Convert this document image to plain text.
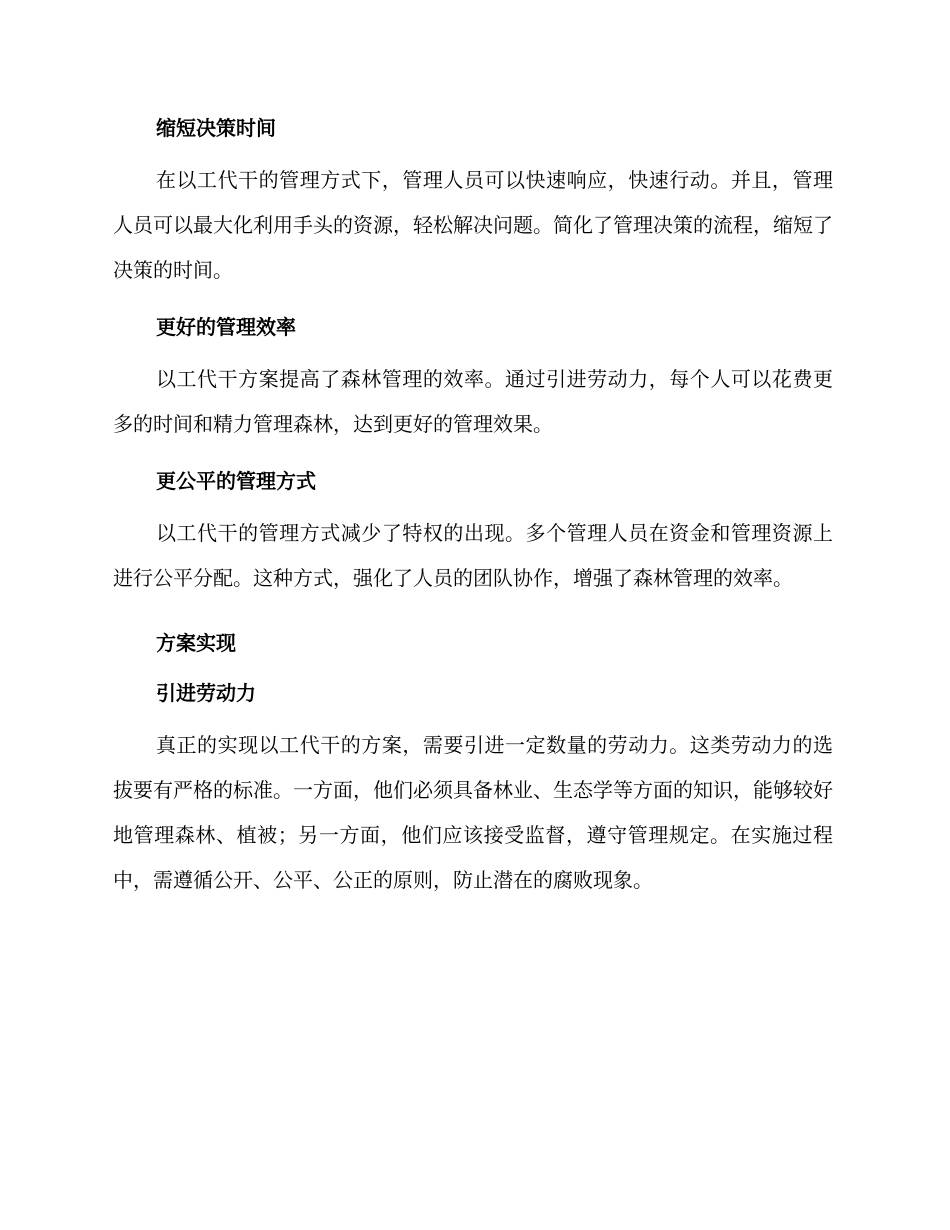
缩短决策时间
在以工代干的管理方式下，管理人员可以快速响应，快速行动。并且，管理人员可以最大化利用手头的资源，轻松解决问题。简化了管理决策的流程，缩短了决策的时间。
更好的管理效率
以工代干方案提高了森林管理的效率。通过引进劳动力，每个人可以花费更多的时间和精力管理森林，达到更好的管理效果。
更公平的管理方式
以工代干的管理方式减少了特权的出现。多个管理人员在资金和管理资源上进行公平分配。这种方式，强化了人员的团队协作，增强了森林管理的效率。
方案实现
引进劳动力
真正的实现以工代干的方案，需要引进一定数量的劳动力。这类劳动力的选拔要有严格的标准。一方面，他们必须具备林业、生态学等方面的知识，能够较好地管理森林、植被；另一方面，他们应该接受监督，遵守管理规定。在实施过程中，需遵循公开、公平、公正的原则，防止潜在的腐败现象。
